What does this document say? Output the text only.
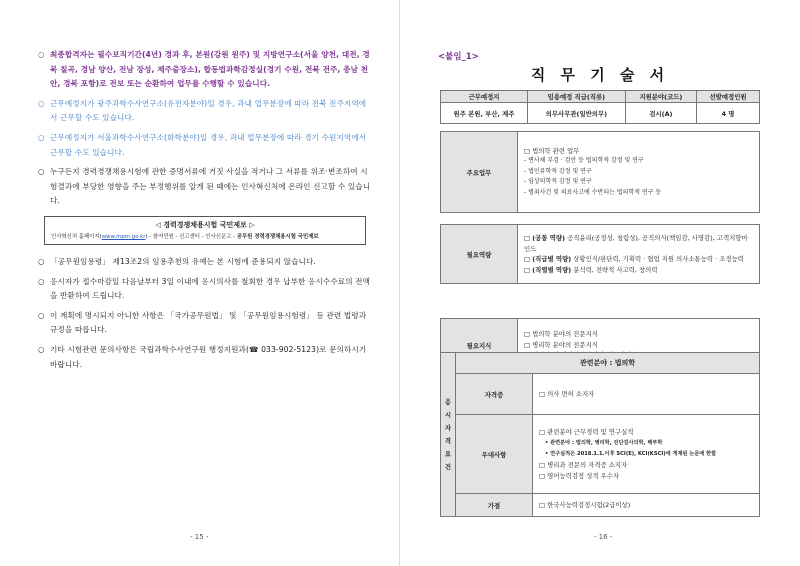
○ 최종합격자는 필수보직기간(4년) 경과 후, 본원(강원 원주) 및 지방연구소(서울 양천, 대전, 경북 칠곡, 경남 양산, 전남 장성, 제주출장소), 합동법과학감정실(경기 수원, 전북 전주, 충남 천안, 경북 포항)로 전보 또는 순환하여 업무를 수행할 수 있습니다.
○ 근무예정지가 광주과학수사연구소(유전자분야)일 경우, 과내 업무분장에 따라 전북 전주지역에서 근무할 수도 있습니다.
○ 근무예정지가 서울과학수사연구소(화학분야)일 경우, 과내 업무분장에 따라 경기 수원지역에서 근무할 수도 있습니다.
○ 누구든지 경력경쟁채용시험에 관한 증명서류에 거짓 사실을 적거나 그 서류를 위조·변조하여 시험결과에 부당한 영향을 주는 부정행위를 알게 된 때에는 인사혁신처에 온라인 신고할 수 있습니다.
◁ 경력경쟁채용시험 국민제보 ▷
인사혁신처 홈페이지(www.mpm.go.kr) - 참여민원 - 신고센터 - 인사신문고 - 공무원 경력경쟁채용시험 국민제보
○ 「공무원임용령」 제13조2의 임용추천의 유예는 본 시험에 준용되지 않습니다.
○ 응시자가 접수마감일 다음날부터 3일 이내에 응시의사를 철회한 경우 납부한 응시수수료의 전액을 반환하여 드립니다.
○ 이 계획에 명시되지 아니한 사항은 「국가공무원법」 및 「공무원임용시험령」 등 관련 법령과 규정을 따릅니다.
○ 기타 시험관련 문의사항은 국립과학수사연구원 행정지원과(☎ 033-902-5123)로 문의하시기 바랍니다.
- 15 -
<붙임_1>
직 무 기 술 서
근무예정지	임용예정 직급(직류)	지원분야(코드)	선발예정인원
원주 본원, 부산, 제주	의무사무관(일반의무)	검시(A)	4 명
주요업무	
□ 법의학 관련 업무
- 변사체 부검 · 검안 등 법의학적 감정 및 연구
- 법인류학적 감정 및 연구
- 임상의학적 감정 및 연구
- 범죄사건 및 의료사고에 수반되는 법의학적 연구 등
필요역량	
□ (공통 역량) 공직윤리(공정성, 청렴성), 공직의식(책임감, 사명감), 고객지향마인드
□ (직급별 역량) 상황인식/판단력, 기획력 · 협업 지원 의사소통능력 · 조정능력
□ (직렬별 역량) 분석력, 전략적 사고력, 창의력
필요지식	
□ 법의학 분야의 전문지식
□ 병리학 분야의 전문지식
응시자격요건	관련분야 : 법의학	
	자격증	□ 의사 면허 소지자
	우대사항	□ 관련분야 근무경력 및 연구실적
• 관련분야 : 법의학, 병리학, 진단검사의학, 해부학
• 연구실적은 2018.1.1.이후 SCI(E), KCI(KSCI)에 게재된 논문에 한함
□ 병리과 전문의 자격증 소지자
□ 영어능력검정 성적 우수자

	가점	□ 한국사능력검정시험(2급이상)
- 16 -
